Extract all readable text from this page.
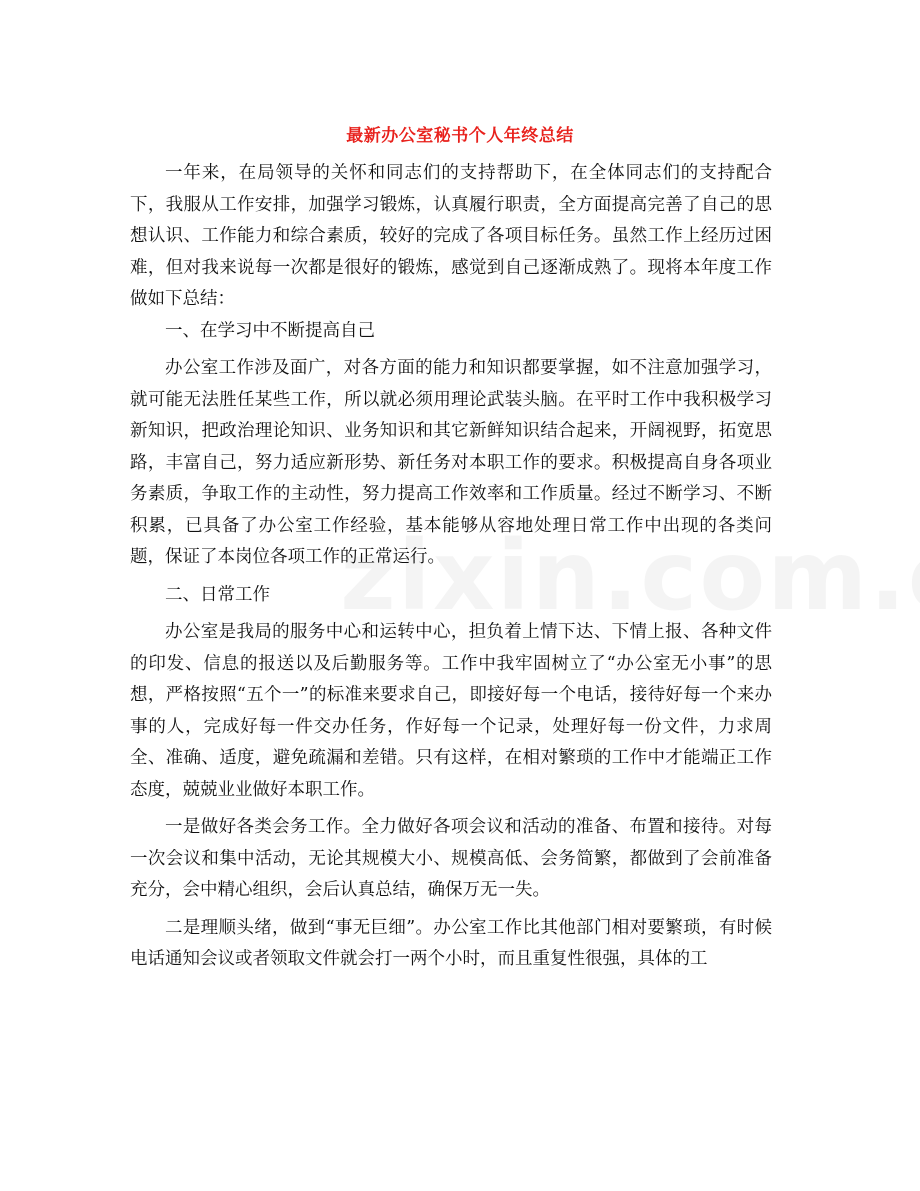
最新办公室秘书个人年终总结

一年来，在局领导的关怀和同志们的支持帮助下，在全体同志们的支持配合下，我服从工作安排，加强学习锻炼，认真履行职责，全方面提高完善了自己的思想认识、工作能力和综合素质，较好的完成了各项目标任务。虽然工作上经历过困难，但对我来说每一次都是很好的锻炼，感觉到自己逐渐成熟了。现将本年度工作做如下总结：

一、在学习中不断提高自己

办公室工作涉及面广，对各方面的能力和知识都要掌握，如不注意加强学习，就可能无法胜任某些工作，所以就必须用理论武装头脑。在平时工作中我积极学习新知识，把政治理论知识、业务知识和其它新鲜知识结合起来，开阔视野，拓宽思路，丰富自己，努力适应新形势、新任务对本职工作的要求。积极提高自身各项业务素质，争取工作的主动性，努力提高工作效率和工作质量。经过不断学习、不断积累，已具备了办公室工作经验，基本能够从容地处理日常工作中出现的各类问题，保证了本岗位各项工作的正常运行。

二、日常工作

办公室是我局的服务中心和运转中心，担负着上情下达、下情上报、各种文件的印发、信息的报送以及后勤服务等。工作中我牢固树立了“办公室无小事”的思想，严格按照“五个一”的标准来要求自己，即接好每一个电话，接待好每一个来办事的人，完成好每一件交办任务，作好每一个记录，处理好每一份文件，力求周全、准确、适度，避免疏漏和差错。只有这样，在相对繁琐的工作中才能端正工作态度，兢兢业业做好本职工作。

一是做好各类会务工作。全力做好各项会议和活动的准备、布置和接待。对每一次会议和集中活动，无论其规模大小、规模高低、会务简繁，都做到了会前准备充分，会中精心组织，会后认真总结，确保万无一失。

二是理顺头绪，做到“事无巨细”。办公室工作比其他部门相对要繁琐，有时候电话通知会议或者领取文件就会打一两个小时，而且重复性很强，具体的工
